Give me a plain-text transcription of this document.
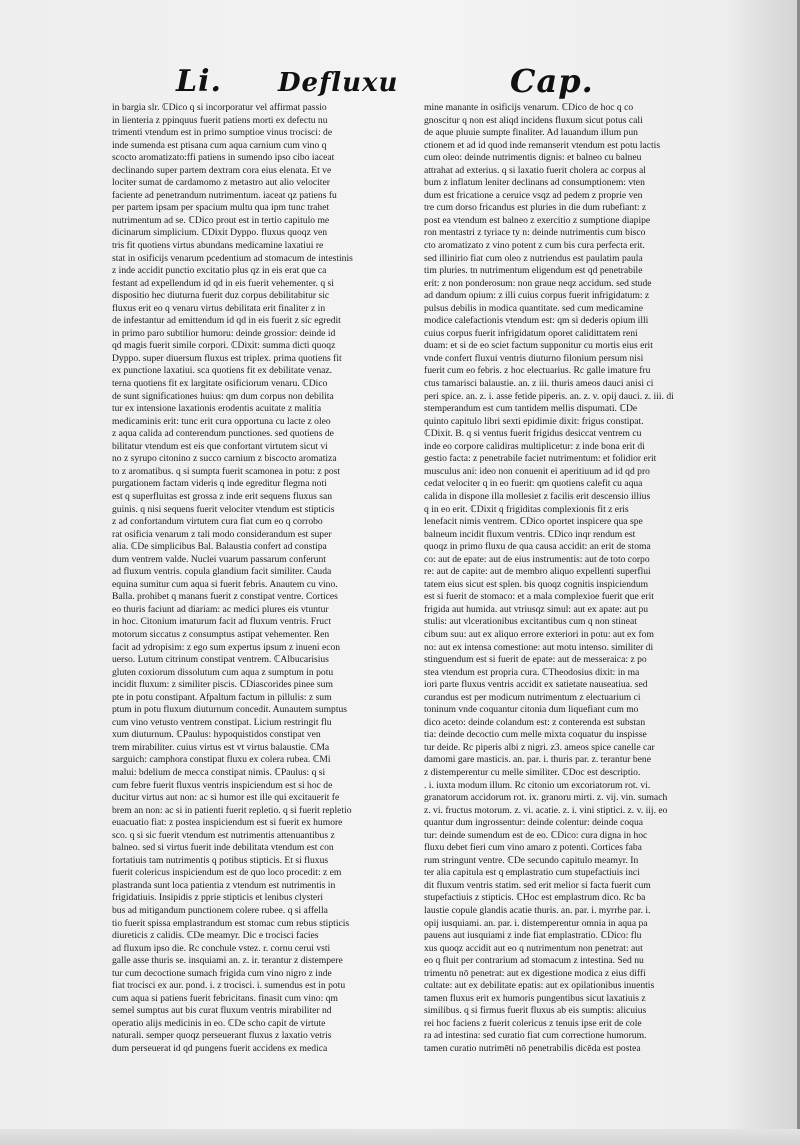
Li. Defluxu	Cap.
in bargia slr. ℂDico q si incorporatur vel affirmat passio
in lienteria z ppinquus fuerit patiens morti ex defectu nu
trimenti vtendum est in primo sumptioe vinus trocisci: de
inde sumenda est ptisana cum aqua carnium cum vino q
scocto aromatizato:ffi patiens in sumendo ipso cibo iaceat
declinando super partem dextram cora eius elenata. Et ve
lociter sumat de cardamomo z metastro aut alio velociter
faciente ad penetrandum nutrimentum. iaceat qz patiens fu
per partem ipsam per spacium multu qua ipm tunc trahet
nutrimentum ad se. ℂDico prout est in tertio capitulo me
dicinarum simplicium. ℂDixit Dyppo. fluxus quoqz ven
tris fit quotiens virtus abundans medicamine laxatiui re
stat in osificijs venarum pcedentium ad stomacum de intestinis
z inde accidit punctio excitatio plus qz in eis erat que ca
festant ad expellendum id qd in eis fuerit vehementer. q si
dispositio hec diuturna fuerit duz corpus debilitabitur sic
fluxus erit eo q venaru virtus debilitata erit finaliter z in
de infestantur ad emittendum id qd in eis fuerit z sic egredit
in primo paro subtilior humoru: deinde grossior: deinde id
qd magis fuerit simile corpori. ℂDixit: summa dicti quoqz
Dyppo. super diuersum fluxus est triplex. prima quotiens fit
ex punctione laxatiui. sca quotiens fit ex debilitate venaz.
terna quotiens fit ex largitate osificiorum venaru. ℂDico
de sunt significationes huius: qm dum corpus non debilita
tur ex intensione laxationis erodentis acuitate z malitia
medicaminis erit: tunc erit cura opportuna cu lacte z oleo
z aqua calida ad conterendum punctiones. sed quotiens de
bilitatur vtendum est eis que confortant virtutem sicut vi
no z syrupo citonino z succo carnium z biscocto aromatiza
to z aromatibus. q si sumpta fuerit scamonea in potu: z post
purgationem factam videris q inde egreditur flegma noti
est q superfluitas est grossa z inde erit sequens fluxus san
guinis. q nisi sequens fuerit velociter vtendum est stipticis
z ad confortandum virtutem cura fiat cum eo q corrobo
rat osificia venarum z tali modo considerandum est super
alia. ℂDe simplicibus Bal. Balaustia confert ad constipa
dum ventrem valde. Nuclei vuarum passarum conferunt
ad fluxum ventris. copula glandium facit similiter. Cauda
equina sumitur cum aqua si fuerit febris. Anautem cu vino.
Balla. prohibet q manans fuerit z constipat ventre. Cortices
eo thuris faciunt ad diariam: ac medici plures eis vtuntur
in hoc. Citonium imaturum facit ad fluxum ventris. Fruct
motorum siccatus z consumptus astipat vehementer. Ren
facit ad ydropisim: z ego sum expertus ipsum z inueni econ
uerso. Lutum citrinum constipat ventrem. ℂAlbucarisius
gluten coxiorum dissolutum cum aqua z sumptum in potu
incidit fluxum: z similiter piscis. ℂDiascorides pinee sum
pte in potu constipant. Afpaltum factum in pillulis: z sum
ptum in potu fluxum diuturnum concedit. Aunautem sumptus
cum vino vetusto ventrem constipat. Licium restringit flu
xum diuturnum. ℂPaulus: hypoquistidos constipat ven
trem mirabiliter. cuius virtus est vt virtus balaustie. ℂMa
sarguich: camphora constipat fluxu ex colera rubea. ℂMi
malui: bdelium de mecca constipat nimis. ℂPaulus: q si
cum febre fuerit fluxus ventris inspiciendum est si hoc de
ducitur virtus aut non: ac si humor est ille qui excitauerit fe
brem an non: ac si in patienti fuerit repletio. q si fuerit repletio
euacuatio fiat: z postea inspiciendum est si fuerit ex humore
sco. q si sic fuerit vtendum est nutrimentis attenuantibus z
balneo. sed si virtus fuerit inde debilitata vtendum est con
fortatiuis tam nutrimentis q potibus stipticis. Et si fluxus
fuerit colericus inspiciendum est de quo loco procedit: z em
plastranda sunt loca patientia z vtendum est nutrimentis in
frigidatiuis. Insipidis z pprie stipticis et lenibus clysteri
bus ad mitigandum punctionem colere rubee. q si affella
tio fuerit spissa emplastrandum est stomac cum rebus stipticis
diureticis z calidis. ℂDe meamyr. Dic e trocisci facies
ad fluxum ipso die. Rc conchule vstez. r. cornu cerui vsti
galle asse thuris se. insquiami an. z. ir. terantur z distempere
tur cum decoctione sumach frigida cum vino nigro z inde
fiat trocisci ex aur. pond. i. z trocisci. i. sumendus est in potu
cum aqua si patiens fuerit febricitans. finasit cum vino: qm
semel sumptus aut bis curat fluxum ventris mirabiliter nd
operatio alijs medicinis in eo. ℂDe scho capit de virtute
naturali. semper quoqz perseuerant fluxus z laxatio vetris
dum perseuerat id qd pungens fuerit accidens ex medica
mine manante in osificijs venarum. ℂDico de hoc q co
gnoscitur q non est aliqd incidens fluxum sicut potus cali
de aque pluuie sumpte finaliter. Ad lauandum illum pun
ctionem et ad id quod inde remanserit vtendum est potu lactis
cum oleo: deinde nutrimentis dignis: et balneo cu balneu
attrahat ad exterius. q si laxatio fuerit cholera ac corpus al
bum z inflatum leniter declinans ad consumptionem: vten
dum est fricatione a ceruice vsqz ad pedem z proprie ven
tre cum dorso fricandus est pluries in die dum rubefiant: z
post ea vtendum est balneo z exercitio z sumptione diapipe
ron mentastri z tyriace ty n: deinde nutrimentis cum bisco
cto aromatizato z vino potent z cum bis cura perfecta erit.
sed illinirio fiat cum oleo z nutriendus est paulatim paula
tim pluries. tn nutrimentum eligendum est qd penetrabile
erit: z non ponderosum: non graue neqz accidum. sed stude
ad dandum opium: z illi cuius corpus fuerit infrigidatum: z
pulsus debilis in modica quantitate. sed cum medicamine
modice calefactionis vtendum est: qm si dederis opium illi
cuius corpus fuerit infrigidatum oporet calidittatem reni
duam: et si de eo sciet factum supponitur cu mortis eius erit
vnde confert fluxui ventris diuturno filonium persum nisi
fuerit cum eo febris. z hoc electuarius. Rc galle imature fru
ctus tamarisci balaustie. an. z iii. thuris ameos dauci anisi ci
peri spice. an. z. i. asse fetide piperis. an. z. v. opij dauci. z. iii. di
stemperandum est cum tantidem mellis dispumati. ℂDe
quinto capitulo libri sexti epidimie dixit: frigus constipat.
ℂDixit. B. q si ventus fuerit frigidus desiccat ventrem cu
inde eo corpore calidiras multiplicetur: z inde bona erit di
gestio facta: z penetrabile faciet nutrimentum: et folidior erit
musculus ani: ideo non conuenit ei aperitiuum ad id qd pro
cedat velociter q in eo fuerit: qm quotiens calefit cu aqua
calida in dispone illa mollesiet z facilis erit descensio illius
q in eo erit. ℂDixit q frigiditas complexionis fit z eris
lenefacit nimis ventrem. ℂDico oportet inspicere qua spe
balneum incidit fluxum ventris. ℂDico inqr rendum est
quoqz in primo fluxu de qua causa accidit: an erit de stoma
co: aut de epate: aut de eius instrumentis: aut de toto corpo
re: aut de capite: aut de membro aliquo expellenti superflui
tatem eius sicut est splen. bis quoqz cognitis inspiciendum
est si fuerit de stomaco: et a mala complexioe fuerit que erit
frigida aut humida. aut vtriusqz simul: aut ex apate: aut pu
stulis: aut vlcerationibus excitantibus cum q non stineat
cibum suu: aut ex aliquo errore exteriori in potu: aut ex fom
no: aut ex intensa comestione: aut motu intenso. similiter di
stinguendum est si fuerit de epate: aut de messeraica: z po
stea vtendum est propria cura. ℂTheodosius dixit: in ma
iori parte fluxus ventris accidit ex satietate nauseatiua. sed
curandus est per modicum nutrimentum z electuarium ci
toninum vnde coquantur citonia dum liquefiant cum mo
dico aceto: deinde colandum est: z conterenda est substan
tia: deinde decoctio cum melle mixta coquatur du inspisse
tur deide. Rc piperis albi z nigri. z3. ameos spice canelle car
damomi gare masticis. an. par. i. thuris par. z. terantur bene
z distemperentur cu melle similiter. ℂDoc est descriptio.
. i. iuxta modum illum. Rc citonio um excoriatorum rot. vi.
granatorum accidorum rot. ix. granoru mirti. z. vij. vin. sumach
z. vi. fructus motorum. z. vi. acatie. z. i. vini stiptici. z. v. iij. eo
quantur dum ingrossentur: deinde colentur: deinde coqua
tur: deinde sumendum est de eo. ℂDico: cura digna in hoc
fluxu debet fieri cum vino amaro z potenti. Cortices faba
rum stringunt ventre. ℂDe secundo capitulo meamyr. In
ter alia capitula est q emplastratio cum stupefactiuis inci
dit fluxum ventris statim. sed erit melior si facta fuerit cum
stupefactiuis z stipticis. ℂHoc est emplastrum dico. Rc ba
laustie copule glandis acatie thuris. an. par. i. myrrhe par. i.
opij iusquiami. an. par. i. distemperentur omnia in aqua pa
pauens aut iusquiami z inde fiat emplastratio. ℂDico: flu
xus quoqz accidit aut eo q nutrimentum non penetrat: aut
eo q fluit per contrarium ad stomacum z intestina. Sed nu
trimentu nō penetrat: aut ex digestione modica z eius diffi
cultate: aut ex debilitate epatis: aut ex opilationibus inuentis
tamen fluxus erit ex humoris pungentibus sicut laxatiuis z
similibus. q si firmus fuerit fluxus ab eis sumptis: alicuius
rei hoc faciens z fuerit colericus z tenuis ipse erit de cole
ra ad intestina: sed curatio fiat cum correctione humorum.
tamen curatio nutrimēti nō penetrabilis dicēda est postea
